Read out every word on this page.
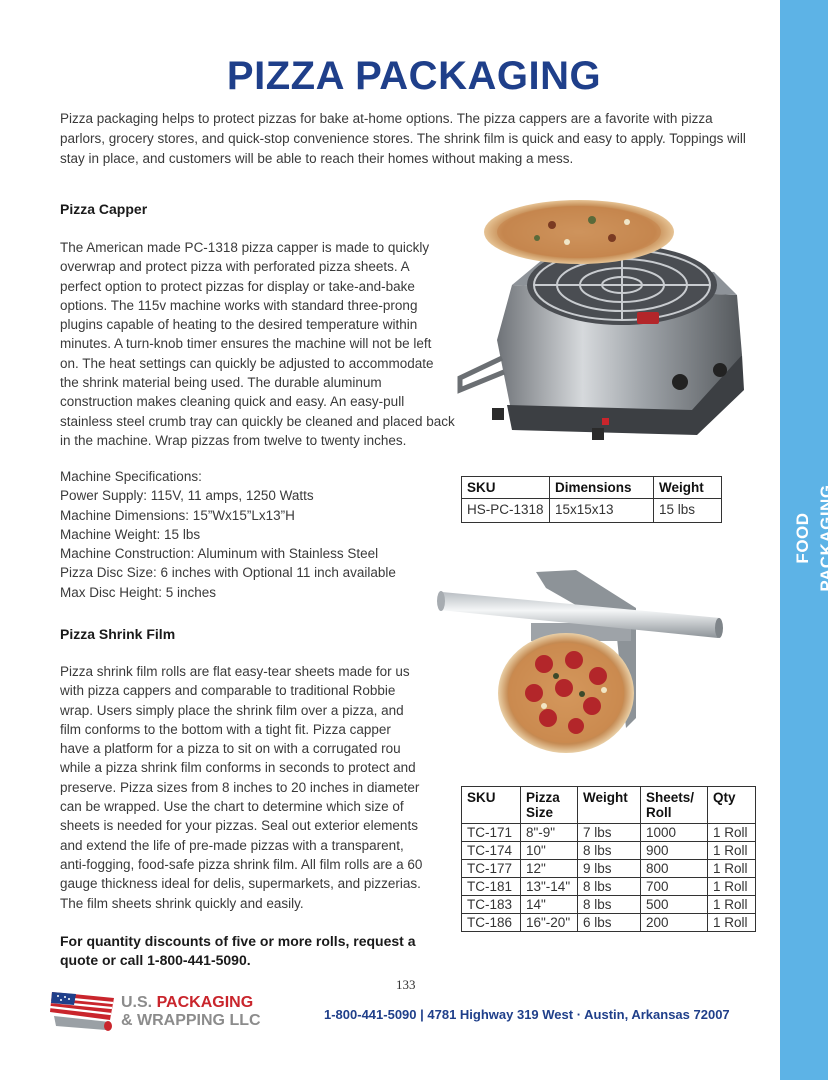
FOOD PACKAGING
PIZZA PACKAGING

Pizza packaging helps to protect pizzas for bake at-home options. The pizza cappers are a favorite with pizza parlors, grocery stores, and quick-stop convenience stores. The shrink film is quick and easy to apply. Toppings will stay in place, and customers will be able to reach their homes without making a mess.

Pizza Capper
The American made PC-1318 pizza capper is made to quickly
overwrap and protect pizza with perforated pizza sheets. A
perfect option to protect pizzas for display or take-and-bake
options. The 115v machine works with standard three-prong
plugins capable of heating to the desired temperature within
minutes. A turn-knob timer ensures the machine will not be left
on. The heat settings can quickly be adjusted to accommodate
the shrink material being used. The durable aluminum
construction makes cleaning quick and easy. An easy-pull
stainless steel crumb tray can quickly be cleaned and placed back
in the machine. Wrap pizzas from twelve to twenty inches.
Machine Specifications:
Power Supply: 115V, 11 amps, 1250 Watts
Machine Dimensions: 15”Wx15”Lx13”H
Machine Weight: 15 lbs
Machine Construction: Aluminum with Stainless Steel
Pizza Disc Size: 6 inches with Optional 11 inch available
Max Disc Height: 5 inches
SKU	Dimensions	Weight
HS-PC-1318	15x15x13	15 lbs
Pizza Shrink Film
Pizza shrink film rolls are flat easy-tear sheets made for us
with pizza cappers and comparable to traditional Robbie
wrap. Users simply place the shrink film over a pizza, and
film conforms to the bottom with a tight fit. Pizza capper
have a platform for a pizza to sit on with a corrugated rou
while a pizza shrink film conforms in seconds to protect and
preserve. Pizza sizes from 8 inches to 20 inches in diameter
can be wrapped. Use the chart to determine which size of
sheets is needed for your pizzas. Seal out exterior elements
and extend the life of pre-made pizzas with a transparent,
anti-fogging, food-safe pizza shrink film. All film rolls are a 60
gauge thickness ideal for delis, supermarkets, and pizzerias.
The film sheets shrink quickly and easily.
SKU	Pizza Size	Weight	Sheets/ Roll	Qty
TC-171	8"-9"	7 lbs	1000	1 Roll
TC-174	10"	8 lbs	900	1 Roll
TC-177	12"	9 lbs	800	1 Roll
TC-181	13"-14"	8 lbs	700	1 Roll
TC-183	14"	8 lbs	500	1 Roll
TC-186	16"-20"	6 lbs	200	1 Roll
For quantity discounts of five or more rolls, request a quote or call 1-800-441-5090.
133
U.S. PACKAGING
& WRAPPING LLC	1-800-441-5090 | 4781 Highway 319 West · Austin, Arkansas 72007
